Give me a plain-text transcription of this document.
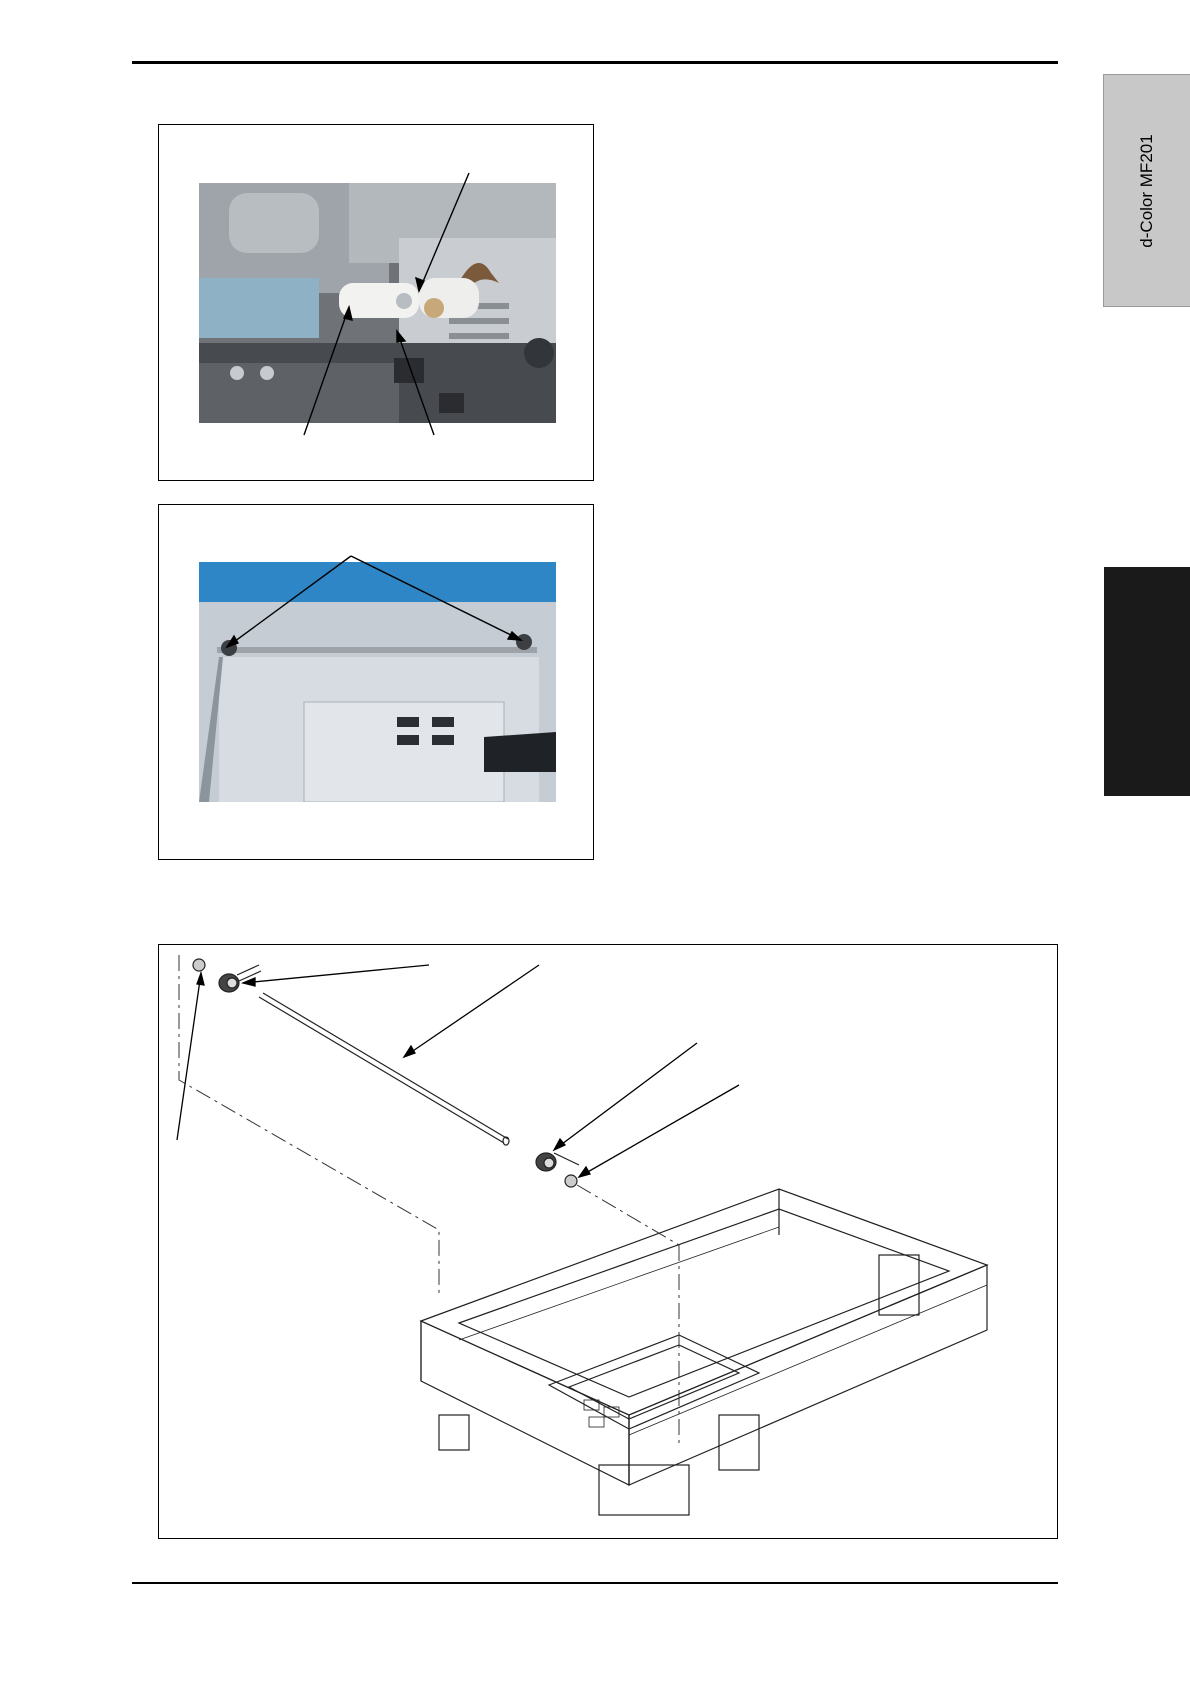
d-Color MF201
